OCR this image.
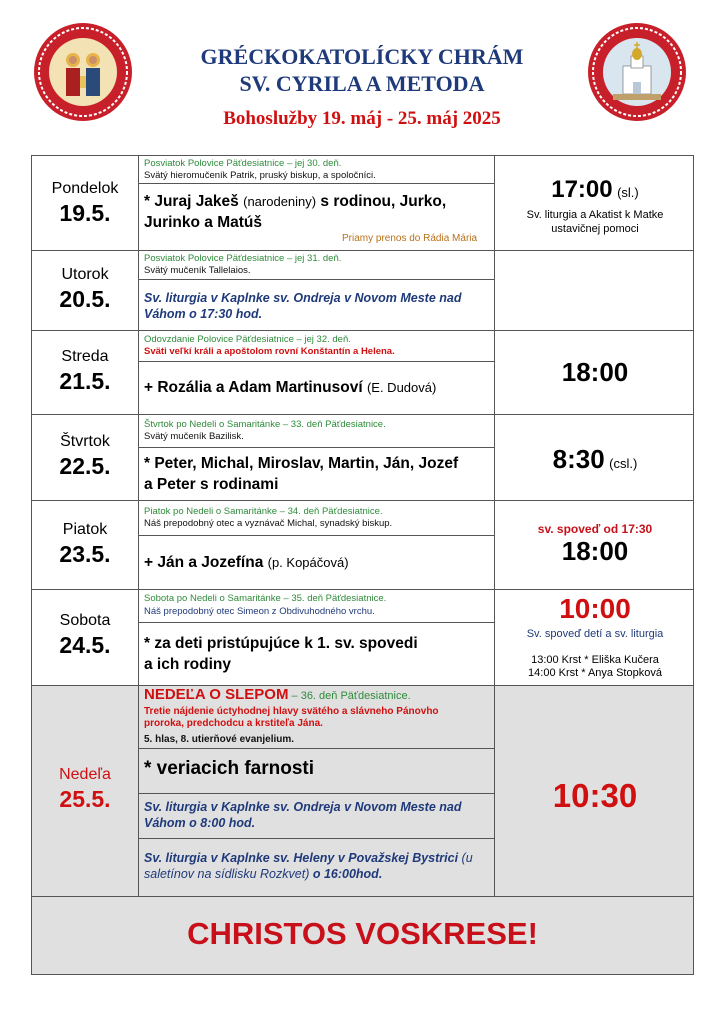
GRÉCKOKATOLÍCKY CHRÁM
SV. CYRILA A METODA
Bohoslužby 19. máj - 25. máj 2025
Pondelok
19.5.
Posviatok Polovice Päťdesiatnice – jej 30. deň.
Svätý hieromučeník Patrik, pruský biskup, a spoločníci.
* Juraj Jakeš (narodeniny) s rodinou, Jurko,
Jurinko a Matúš
Priamy prenos do Rádia Mária
17:00 (sl.)
Sv. liturgia a Akatist k Matke ustavičnej pomoci
Utorok
20.5.
Posviatok Polovice Päťdesiatnice – jej 31. deň.
Svätý mučeník Tallelaios.
Sv. liturgia v Kaplnke sv. Ondreja v Novom Meste nad Váhom o 17:30 hod.
Streda
21.5.
Odovzdanie Polovice Päťdesiatnice – jej 32. deň.
Sväti veľkí králi a apoštolom rovní Konštantín a Helena.
+ Rozália a Adam Martinusoví (E. Dudová)
Štvrtok
22.5.
Štvrtok po Nedeli o Samaritánke – 33. deň Päťdesiatnice.
Svätý mučeník Bazilisk.
* Peter, Michal, Miroslav, Martin, Ján, Jozef
a Peter s rodinami
18:00
8:30 (csl.)
Piatok
23.5.
Piatok po Nedeli o Samaritánke – 34. deň Päťdesiatnice.
Náš prepodobný otec a vyznávač Michal, synadský biskup.
+ Ján a Jozefína (p. Kopáčová)
sv. spoveď od 17:30
18:00
Sobota
24.5.
Sobota po Nedeli o Samaritánke – 35. deň Päťdesiatnice.
Náš prepodobný otec Simeon z Obdivuhodného vrchu.
* za deti pristúpujúce k 1. sv. spovedi
a ich rodiny
10:00
Sv. spoveď detí a sv. liturgia
13:00 Krst * Eliška Kučera
14:00 Krst * Anya Stopková
Nedeľa
25.5.
NEDEĽA O SLEPOM – 36. deň Päťdesiatnice.
Tretie nájdenie úctyhodnej hlavy svätého a slávneho Pánovho
proroka, predchodcu a krstiteľa Jána.
5. hlas, 8. utierňové evanjelium.
* veriacich farnosti
Sv. liturgia v Kaplnke sv. Ondreja v Novom Meste nad Váhom o 8:00 hod.
Sv. liturgia v Kaplnke sv. Heleny v Považskej Bystrici (u saletínov na sídlisku Rozkvet) o 16:00hod.
10:30
CHRISTOS VOSKRESE!
